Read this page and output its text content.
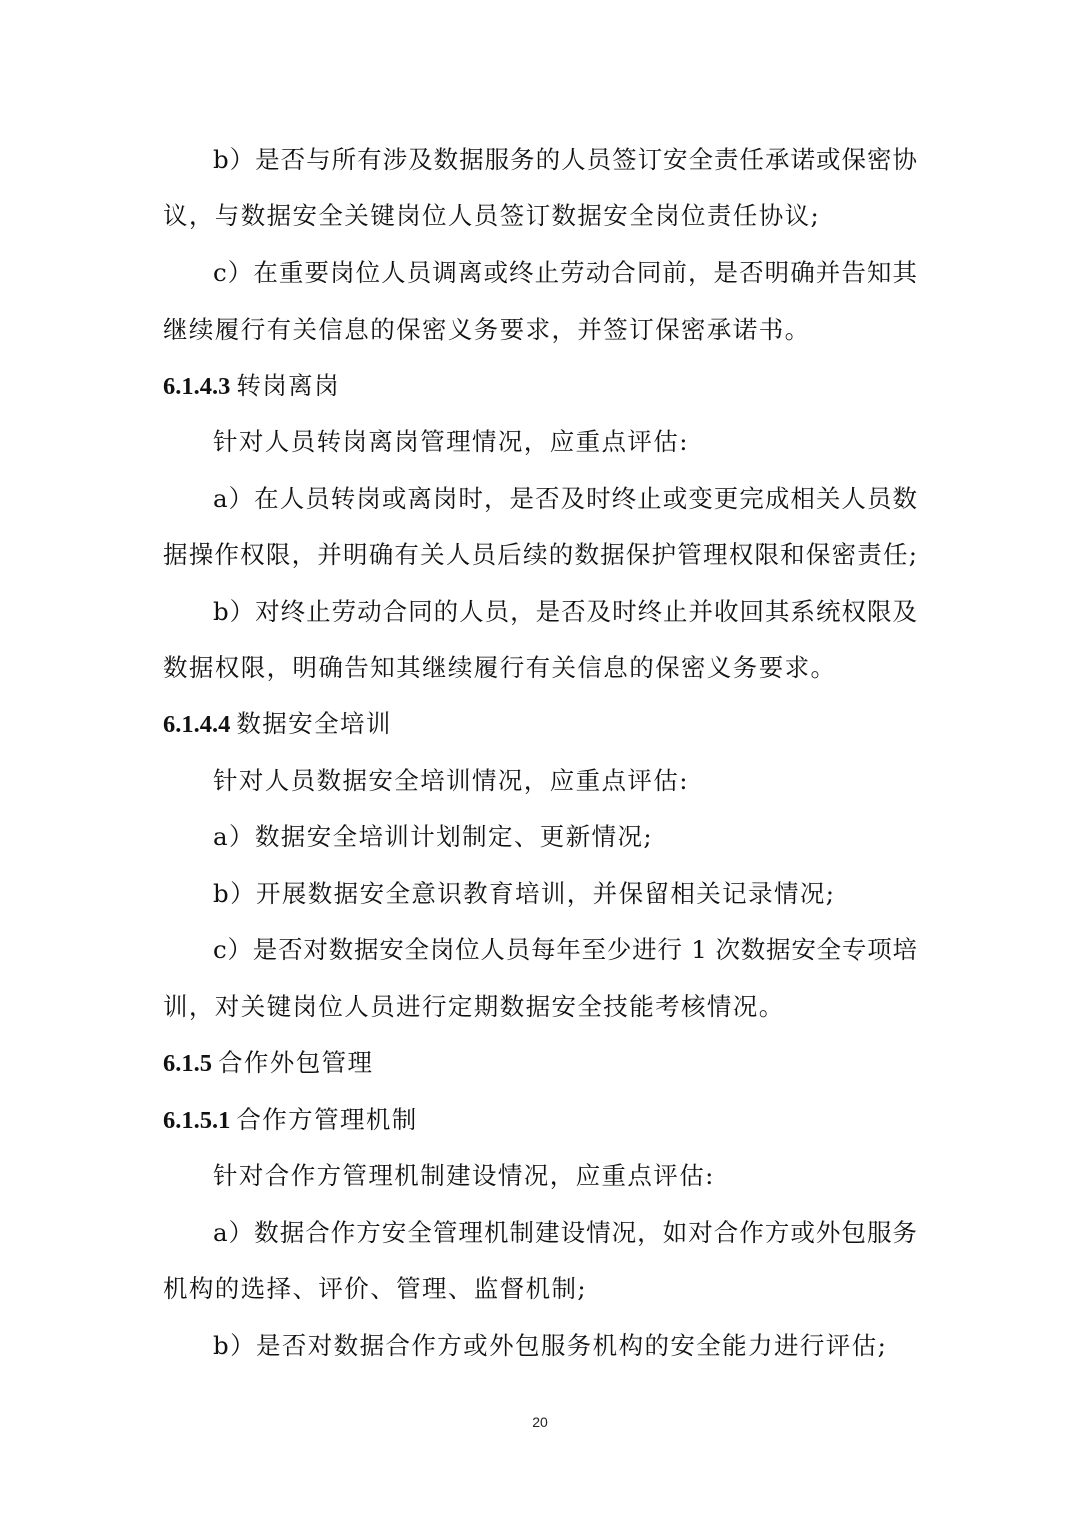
b）是否与所有涉及数据服务的人员签订安全责任承诺或保密协
议，与数据安全关键岗位人员签订数据安全岗位责任协议;
c）在重要岗位人员调离或终止劳动合同前，是否明确并告知其
继续履行有关信息的保密义务要求，并签订保密承诺书。
6.1.4.3 转岗离岗
针对人员转岗离岗管理情况，应重点评估:
a）在人员转岗或离岗时，是否及时终止或变更完成相关人员数
据操作权限，并明确有关人员后续的数据保护管理权限和保密责任;
b）对终止劳动合同的人员，是否及时终止并收回其系统权限及
数据权限，明确告知其继续履行有关信息的保密义务要求。
6.1.4.4 数据安全培训
针对人员数据安全培训情况，应重点评估:
a）数据安全培训计划制定、更新情况;
b）开展数据安全意识教育培训，并保留相关记录情况;
c）是否对数据安全岗位人员每年至少进行 1 次数据安全专项培
训，对关键岗位人员进行定期数据安全技能考核情况。
6.1.5 合作外包管理
6.1.5.1 合作方管理机制
针对合作方管理机制建设情况，应重点评估:
a）数据合作方安全管理机制建设情况，如对合作方或外包服务
机构的选择、评价、管理、监督机制;
b）是否对数据合作方或外包服务机构的安全能力进行评估;
20
